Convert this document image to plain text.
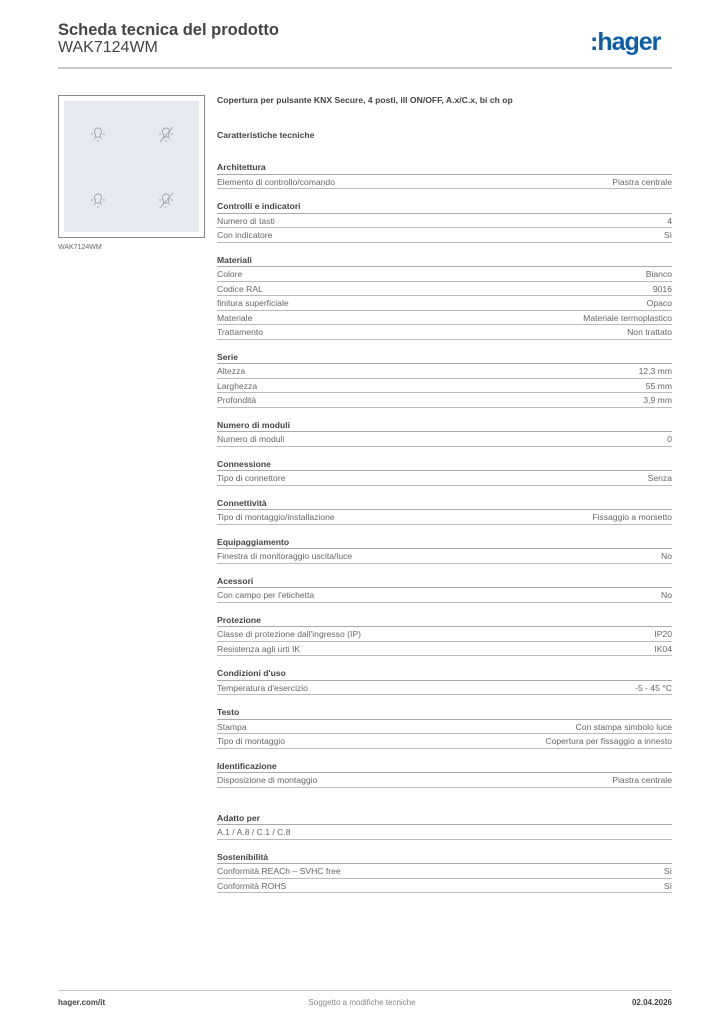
Scheda tecnica del prodotto
WAK7124WM	:hager
WAK7124WM
Copertura per pulsante KNX Secure, 4 posti, ill ON/OFF, A.x/C.x, bi ch op
Caratteristiche tecniche
Architettura
Elemento di controllo/comando	Piastra centrale
Controlli e indicatori
Numero di tasti	4
Con indicatore	Sì
Materiali
Colore	Bianco
Codice RAL	9016
finitura superficiale	Opaco
Materiale	Materiale termoplastico
Trattamento	Non trattato
Serie
Altezza	12,3 mm
Larghezza	55 mm
Profondità	3,9 mm
Numero di moduli
Numero di moduli	0
Connessione
Tipo di connettore	Senza
Connettività
Tipo di montaggio/installazione	Fissaggio a morsetto
Equipaggiamento
Finestra di monitoraggio uscita/luce	No
Acessori
Con campo per l'etichetta	No
Protezione
Classe di protezione dall'ingresso (IP)	IP20
Resistenza agli urti IK	IK04
Condizioni d'uso
Temperatura d'esercizio	-5 - 45 °C
Testo
Stampa	Con stampa simbolo luce
Tipo di montaggio	Copertura per fissaggio a innesto
Identificazione
Disposizione di montaggio	Piastra centrale
Adatto per
A.1 / A.8 / C.1 / C.8
Sostenibilità
Conformità REACh – SVHC free	Sì
Conformità ROHS	Sì
hager.com/it	Soggetto a modifiche tecniche	02.04.2026
